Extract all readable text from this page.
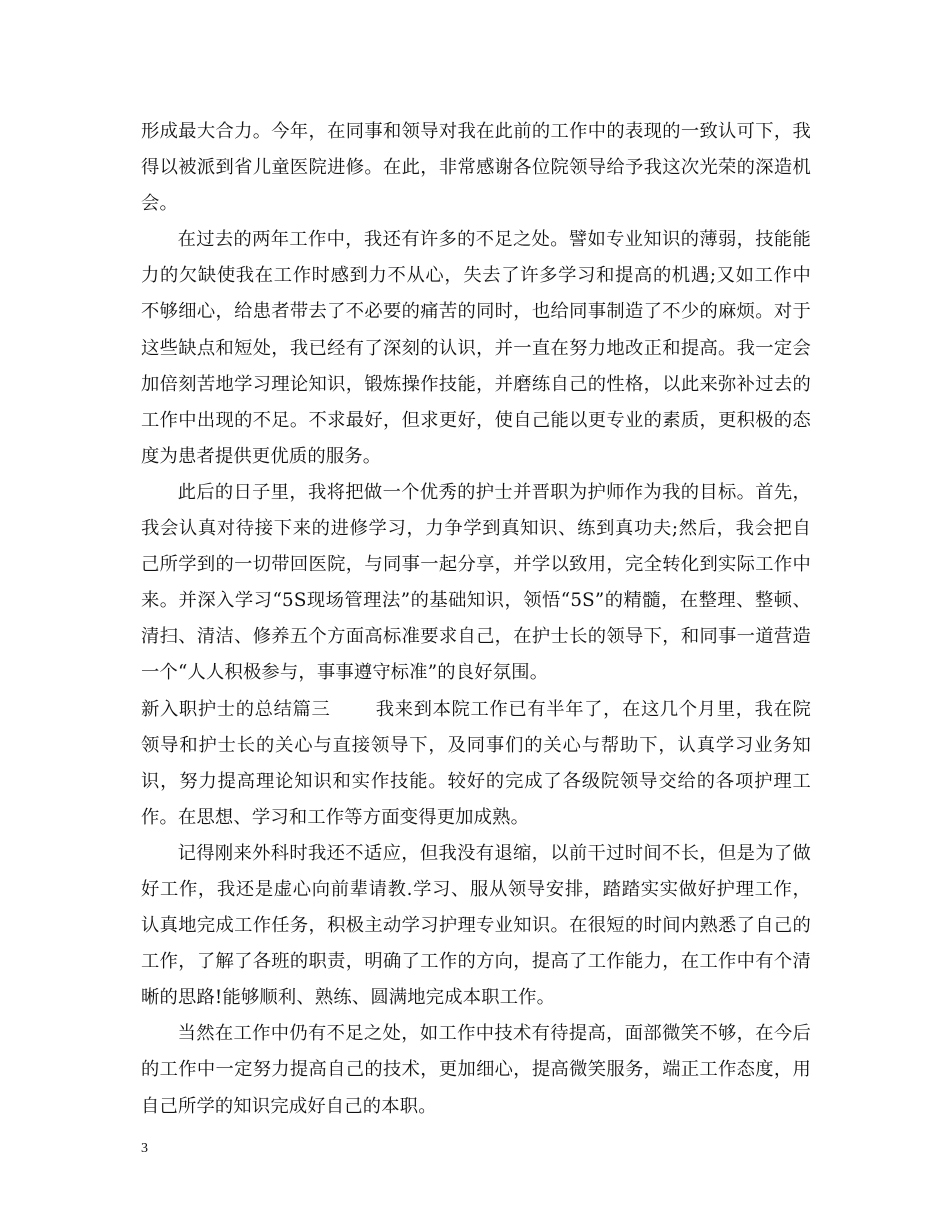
形成最大合力。今年，在同事和领导对我在此前的工作中的表现的一致认可下，我得以被派到省儿童医院进修。在此，非常感谢各位院领导给予我这次光荣的深造机会。

在过去的两年工作中，我还有许多的不足之处。譬如专业知识的薄弱，技能能力的欠缺使我在工作时感到力不从心，失去了许多学习和提高的机遇;又如工作中不够细心，给患者带去了不必要的痛苦的同时，也给同事制造了不少的麻烦。对于这些缺点和短处，我已经有了深刻的认识，并一直在努力地改正和提高。我一定会加倍刻苦地学习理论知识，锻炼操作技能，并磨练自己的性格，以此来弥补过去的工作中出现的不足。不求最好，但求更好，使自己能以更专业的素质，更积极的态度为患者提供更优质的服务。

此后的日子里，我将把做一个优秀的护士并晋职为护师作为我的目标。首先，我会认真对待接下来的进修学习，力争学到真知识、练到真功夫;然后，我会把自己所学到的一切带回医院，与同事一起分享，并学以致用，完全转化到实际工作中来。并深入学习“5S现场管理法”的基础知识，领悟“5S”的精髓，在整理、整顿、清扫、清洁、修养五个方面高标准要求自己，在护士长的领导下，和同事一道营造一个“人人积极参与，事事遵守标准”的良好氛围。

新入职护士的总结篇三 我来到本院工作已有半年了，在这几个月里，我在院领导和护士长的关心与直接领导下，及同事们的关心与帮助下，认真学习业务知识，努力提高理论知识和实作技能。较好的完成了各级院领导交给的各项护理工作。在思想、学习和工作等方面变得更加成熟。

记得刚来外科时我还不适应，但我没有退缩，以前干过时间不长，但是为了做好工作，我还是虚心向前辈请教.学习、服从领导安排，踏踏实实做好护理工作，认真地完成工作任务，积极主动学习护理专业知识。在很短的时间内熟悉了自己的工作，了解了各班的职责，明确了工作的方向，提高了工作能力，在工作中有个清晰的思路!能够顺利、熟练、圆满地完成本职工作。

当然在工作中仍有不足之处，如工作中技术有待提高，面部微笑不够，在今后的工作中一定努力提高自己的技术，更加细心，提高微笑服务，端正工作态度，用自己所学的知识完成好自己的本职。

3
